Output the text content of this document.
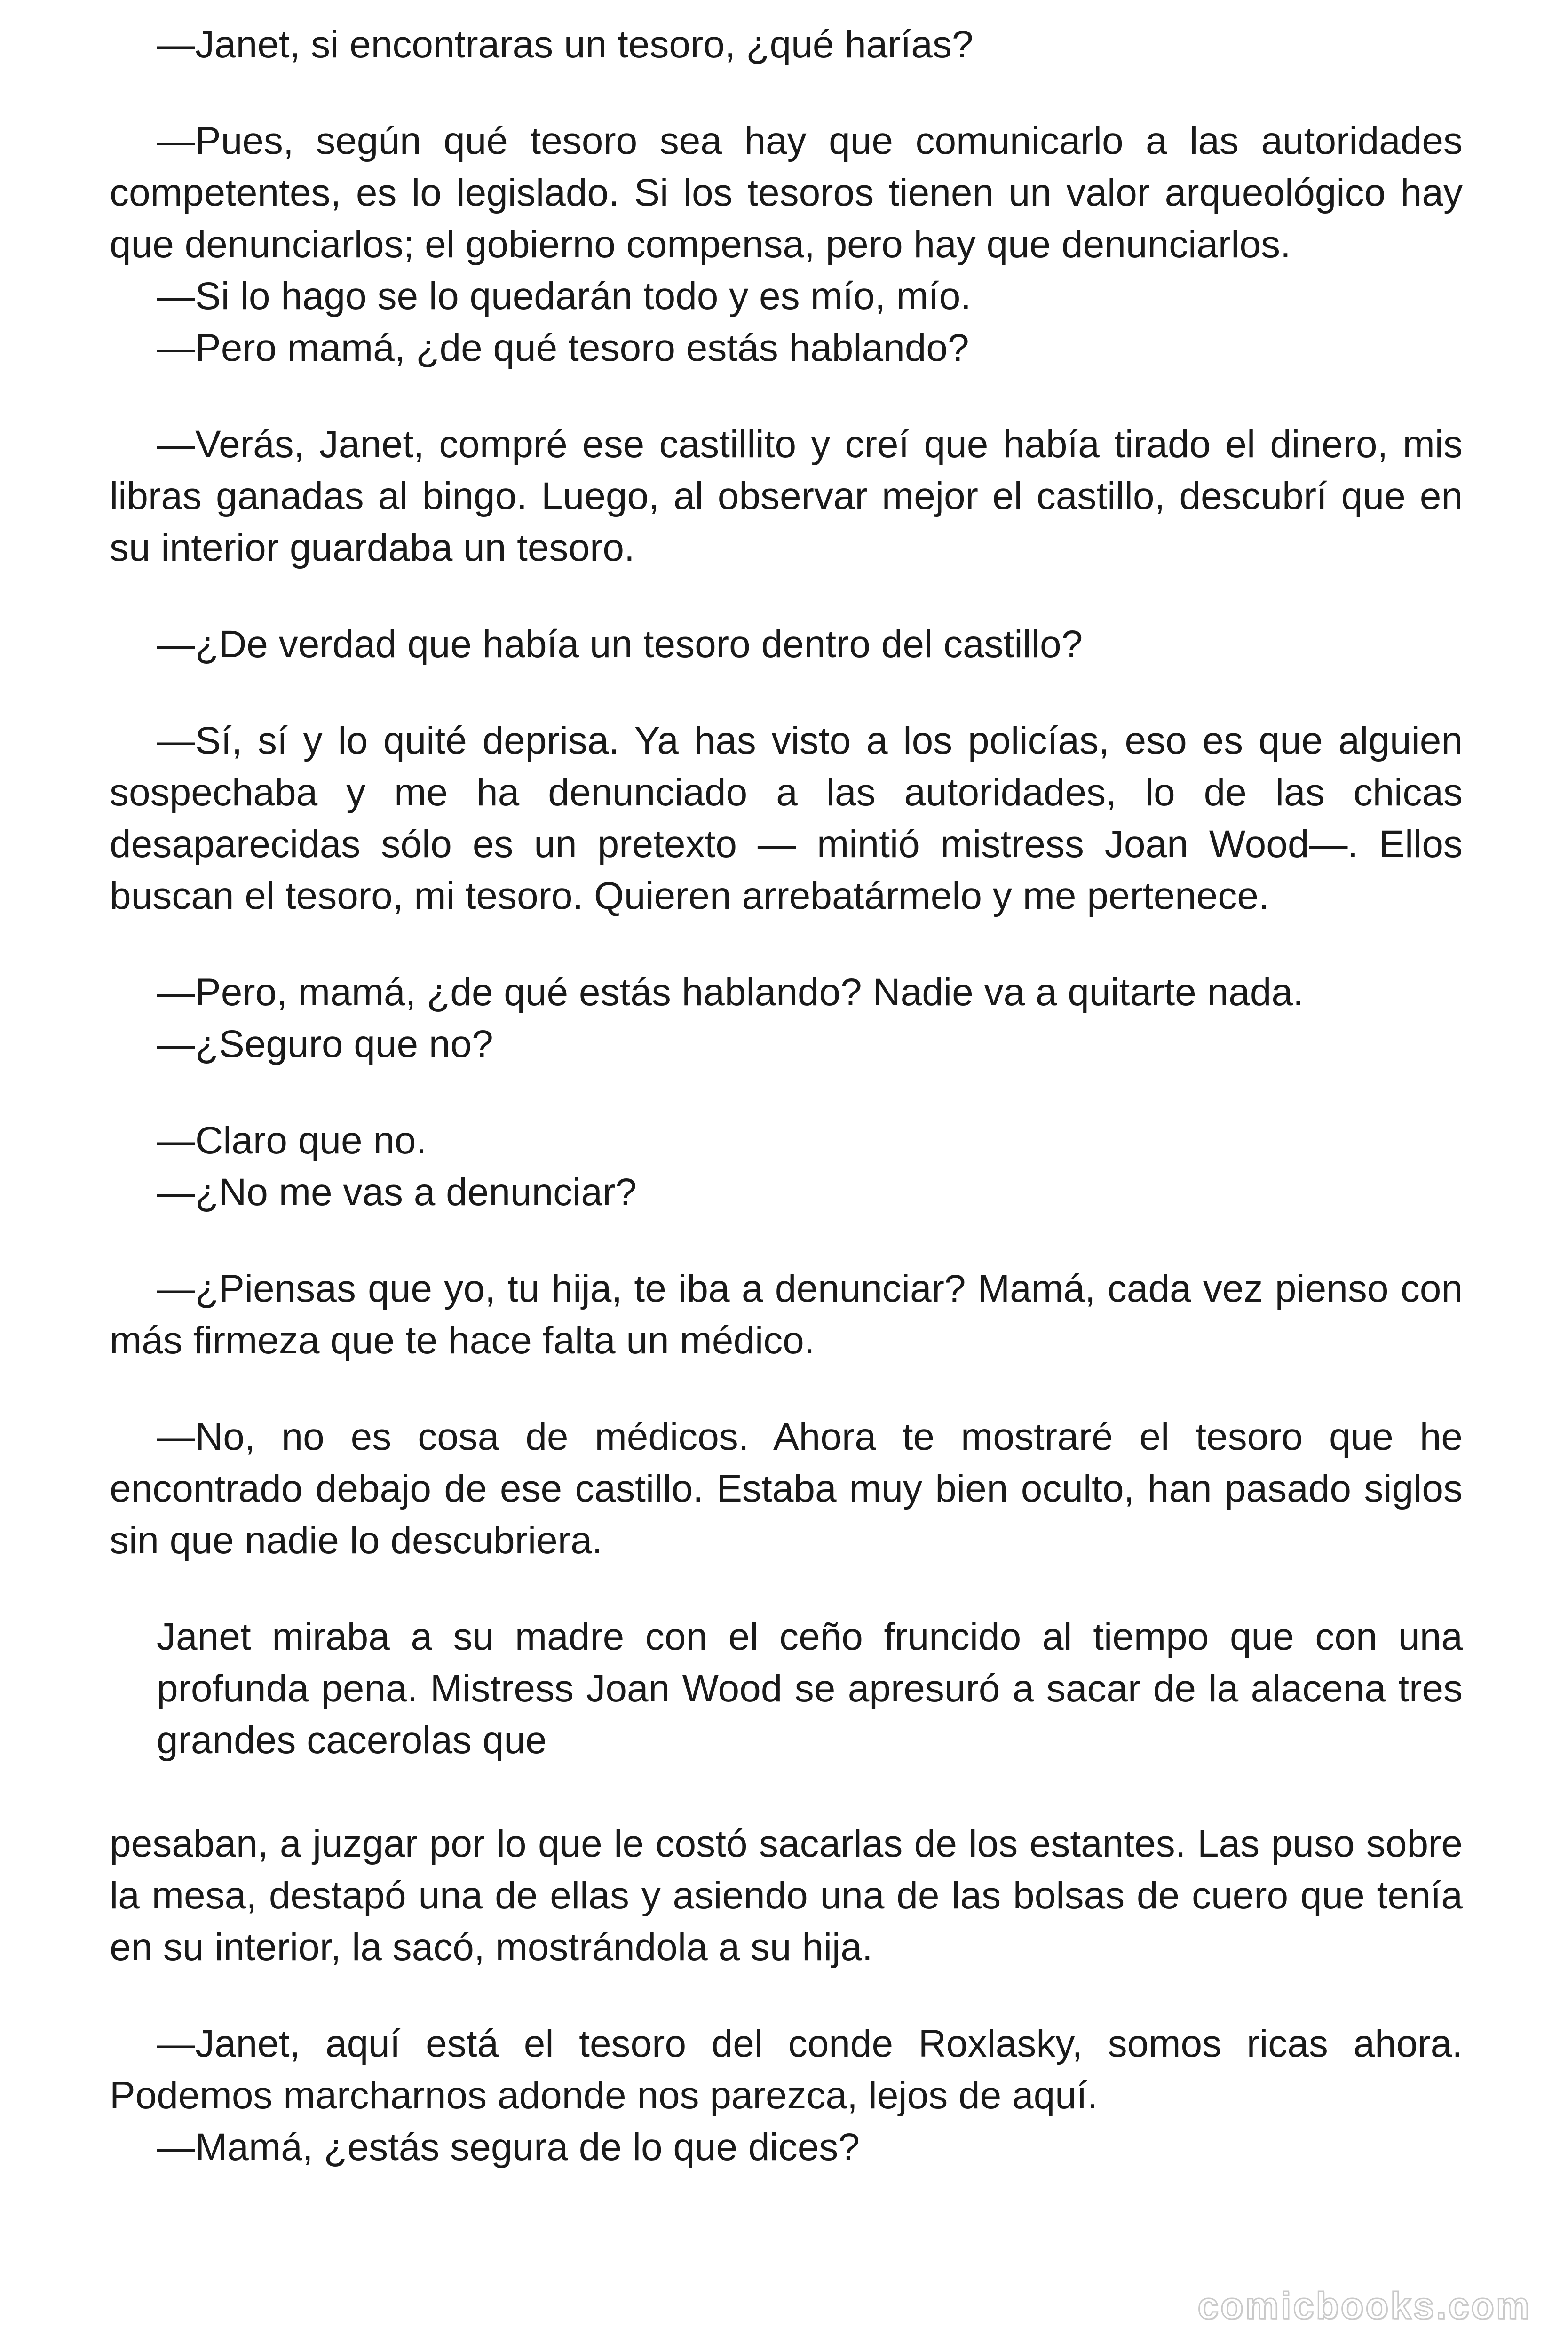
—Janet, si encontraras un tesoro, ¿qué harías?

—Pues, según qué tesoro sea hay que comunicarlo a las autoridades competentes, es lo legislado. Si los tesoros tienen un valor arqueológico hay que denunciarlos; el gobierno compensa, pero hay que denunciarlos.

—Si lo hago se lo quedarán todo y es mío, mío.

—Pero mamá, ¿de qué tesoro estás hablando?

—Verás, Janet, compré ese castillito y creí que había tirado el dinero, mis libras ganadas al bingo. Luego, al observar mejor el castillo, descubrí que en su interior guardaba un tesoro.

—¿De verdad que había un tesoro dentro del castillo?

—Sí, sí y lo quité deprisa. Ya has visto a los policías, eso es que alguien sospechaba y me ha denunciado a las autoridades, lo de las chicas desaparecidas sólo es un pretexto — mintió mistress Joan Wood—. Ellos buscan el tesoro, mi tesoro. Quieren arrebatármelo y me pertenece.

—Pero, mamá, ¿de qué estás hablando? Nadie va a quitarte nada.

—¿Seguro que no?

—Claro que no.

—¿No me vas a denunciar?

—¿Piensas que yo, tu hija, te iba a denunciar? Mamá, cada vez pienso con más firmeza que te hace falta un médico.

—No, no es cosa de médicos. Ahora te mostraré el tesoro que he encontrado debajo de ese castillo. Estaba muy bien oculto, han pasado siglos sin que nadie lo descubriera.

Janet miraba a su madre con el ceño fruncido al tiempo que con una profunda pena. Mistress Joan Wood se apresuró a sacar de la alacena tres grandes cacerolas que

pesaban, a juzgar por lo que le costó sacarlas de los estantes. Las puso sobre la mesa, destapó una de ellas y asiendo una de las bolsas de cuero que tenía en su interior, la sacó, mostrándola a su hija.

—Janet, aquí está el tesoro del conde Roxlasky, somos ricas ahora. Podemos marcharnos adonde nos parezca, lejos de aquí.

—Mamá, ¿estás segura de lo que dices?

comicbooks.com
